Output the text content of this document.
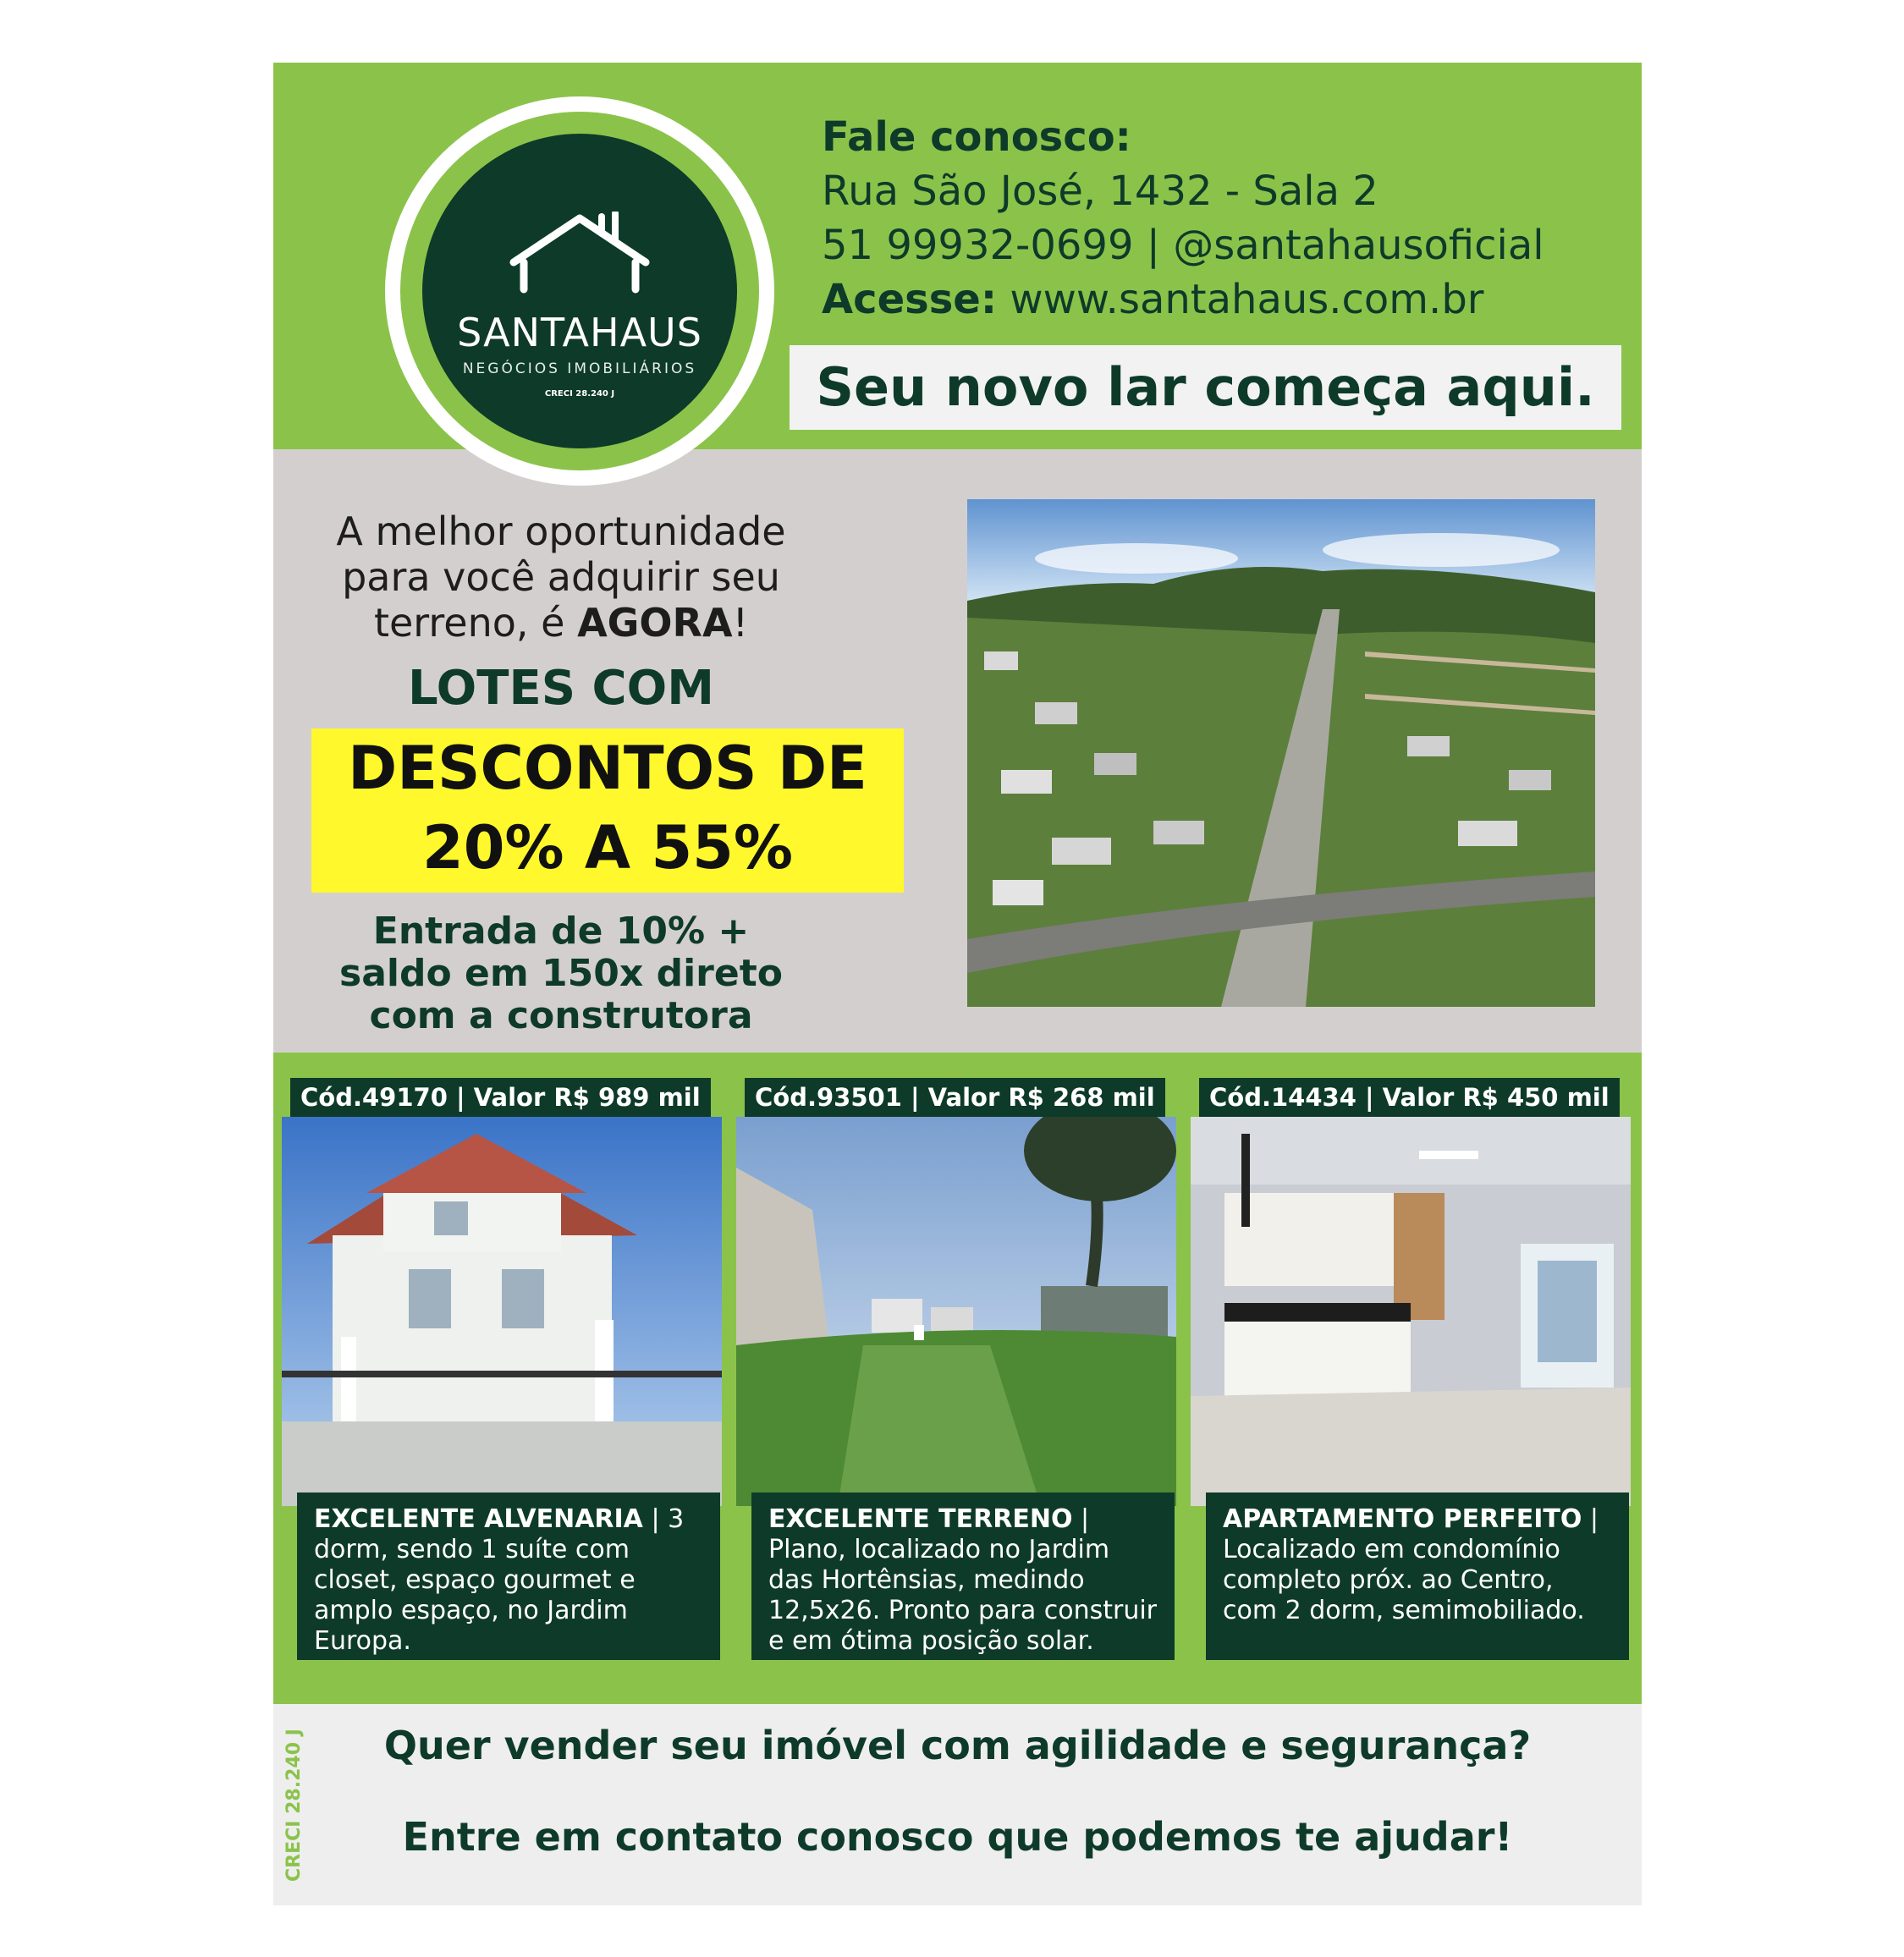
Fale conosco:
Rua São José, 1432 - Sala 2
51 99932-0699 | @santahausoficial
Acesse: www.santahaus.com.br
Seu novo lar começa aqui.
SANTAHAUS
NEGÓCIOS IMOBILIÁRIOS
CRECI 28.240 J
A melhor oportunidade
para você adquirir seu
terreno, é AGORA!
LOTES COM
DESCONTOS DE
20% A 55%
Entrada de 10% +
saldo em 150x direto
com a construtora
Cód.49170 | Valor R$ 989 mil
EXCELENTE ALVENARIA | 3 dorm, sendo 1 suíte com closet, espaço gourmet e amplo espaço, no Jardim Europa.
Cód.93501 | Valor R$ 268 mil
EXCELENTE TERRENO | Plano, localizado no Jardim das Hortênsias, medindo 12,5x26. Pronto para construir e em ótima posição solar.
Cód.14434 | Valor R$ 450 mil
APARTAMENTO PERFEITO | Localizado em condomínio completo próx. ao Centro, com 2 dorm, semimobiliado.
CRECI 28.240 J	Quer vender seu imóvel com agilidade e segurança?
Entre em contato conosco que podemos te ajudar!
